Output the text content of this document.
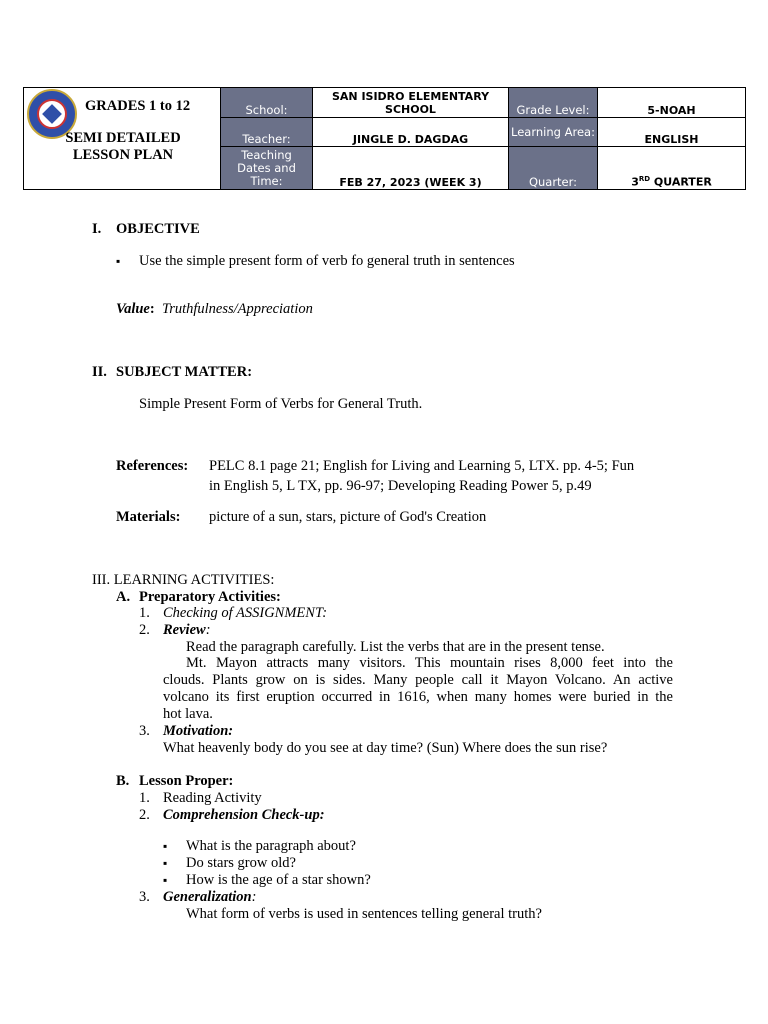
	School:	SAN ISIDRO ELEMENTARY SCHOOL	Grade Level:	5-NOAH
	Teacher:	JINGLE D. DAGDAG	Learning Area:	ENGLISH
	Teaching Dates and Time:	FEB 27, 2023 (WEEK 3)	Quarter:	3RD QUARTER
GRADES 1 to 12
SEMI DETAILED LESSON PLAN
I. OBJECTIVE
▪ Use the simple present form of verb fo general truth in sentences
Value: Truthfulness/Appreciation
II. SUBJECT MATTER:
Simple Present Form of Verbs for General Truth.
References: PELC 8.1 page 21; English for Living and Learning 5, LTX. pp. 4-5; Fun
in English 5, L TX, pp. 96-97; Developing Reading Power 5, p.49
Materials: picture of a sun, stars, picture of God's Creation
III. LEARNING ACTIVITIES:
A. Preparatory Activities:
1. Checking of ASSIGNMENT:
2. Review:
Read the paragraph carefully. List the verbs that are in the present tense.
Mt. Mayon attracts many visitors. This mountain rises 8,000 feet into the
clouds. Plants grow on is sides. Many people call it Mayon Volcano. An active
volcano its first eruption occurred in 1616, when many homes were buried in the
hot lava.
3. Motivation:
What heavenly body do you see at day time? (Sun) Where does the sun rise?
B. Lesson Proper:
1. Reading Activity
2. Comprehension Check-up:
▪ What is the paragraph about?
▪ Do stars grow old?
▪ How is the age of a star shown?
3. Generalization:
What form of verbs is used in sentences telling general truth?
